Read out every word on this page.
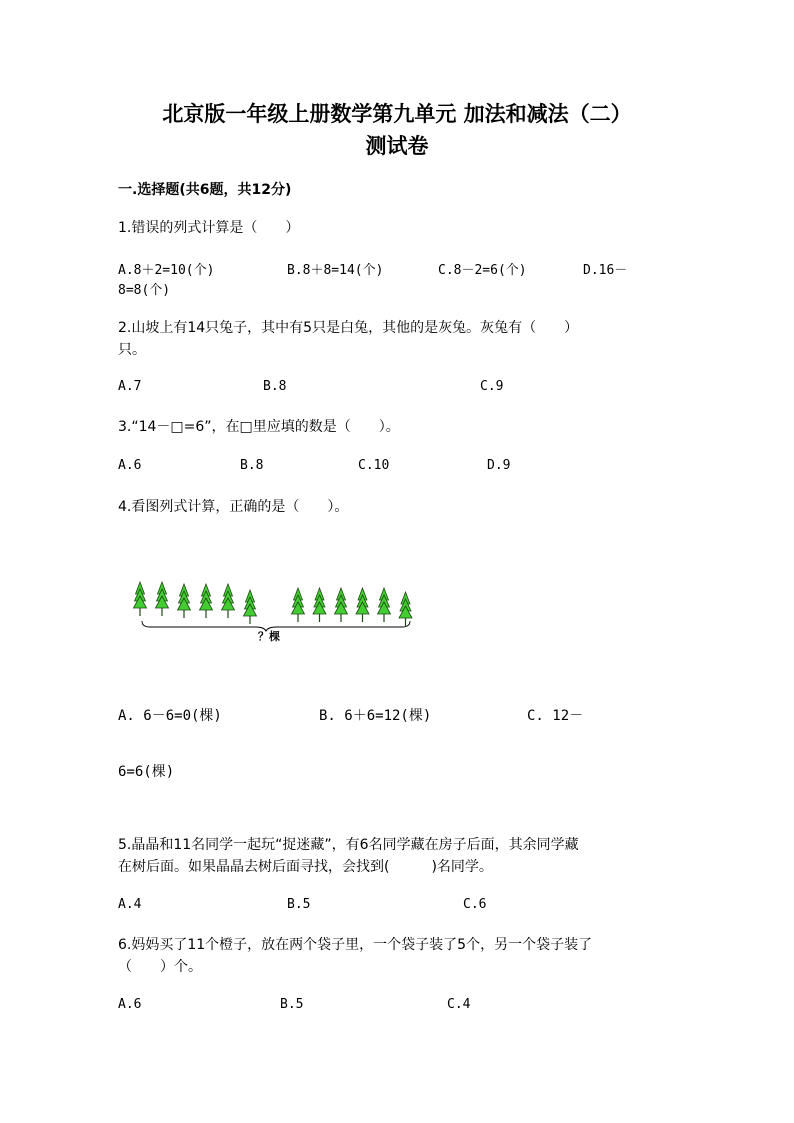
北京版一年级上册数学第九单元 加法和减法（二）
测试卷
一.选择题(共6题，共12分)
1.错误的列式计算是（　　）
A.8＋2=10(个)	B.8＋8=14(个)	C.8－2=6(个)	D.16－
8=8(个)
2.山坡上有14只兔子，其中有5只是白兔，其他的是灰兔。灰兔有（　　）
只。
A.7	B.8	C.9
3.“14－□=6”，在□里应填的数是（　　）。
A.6	B.8	C.10	D.9
4.看图列式计算，正确的是（　　）。
？棵
A. 6－6=0(棵)	B. 6＋6=12(棵)	C. 12－
6=6(棵)
5.晶晶和11名同学一起玩“捉迷藏”，有6名同学藏在房子后面，其余同学藏
在树后面。如果晶晶去树后面寻找，会找到(　　　)名同学。
A.4	B.5	C.6
6.妈妈买了11个橙子，放在两个袋子里，一个袋子装了5个，另一个袋子装了
（　　）个。
A.6	B.5	C.4
